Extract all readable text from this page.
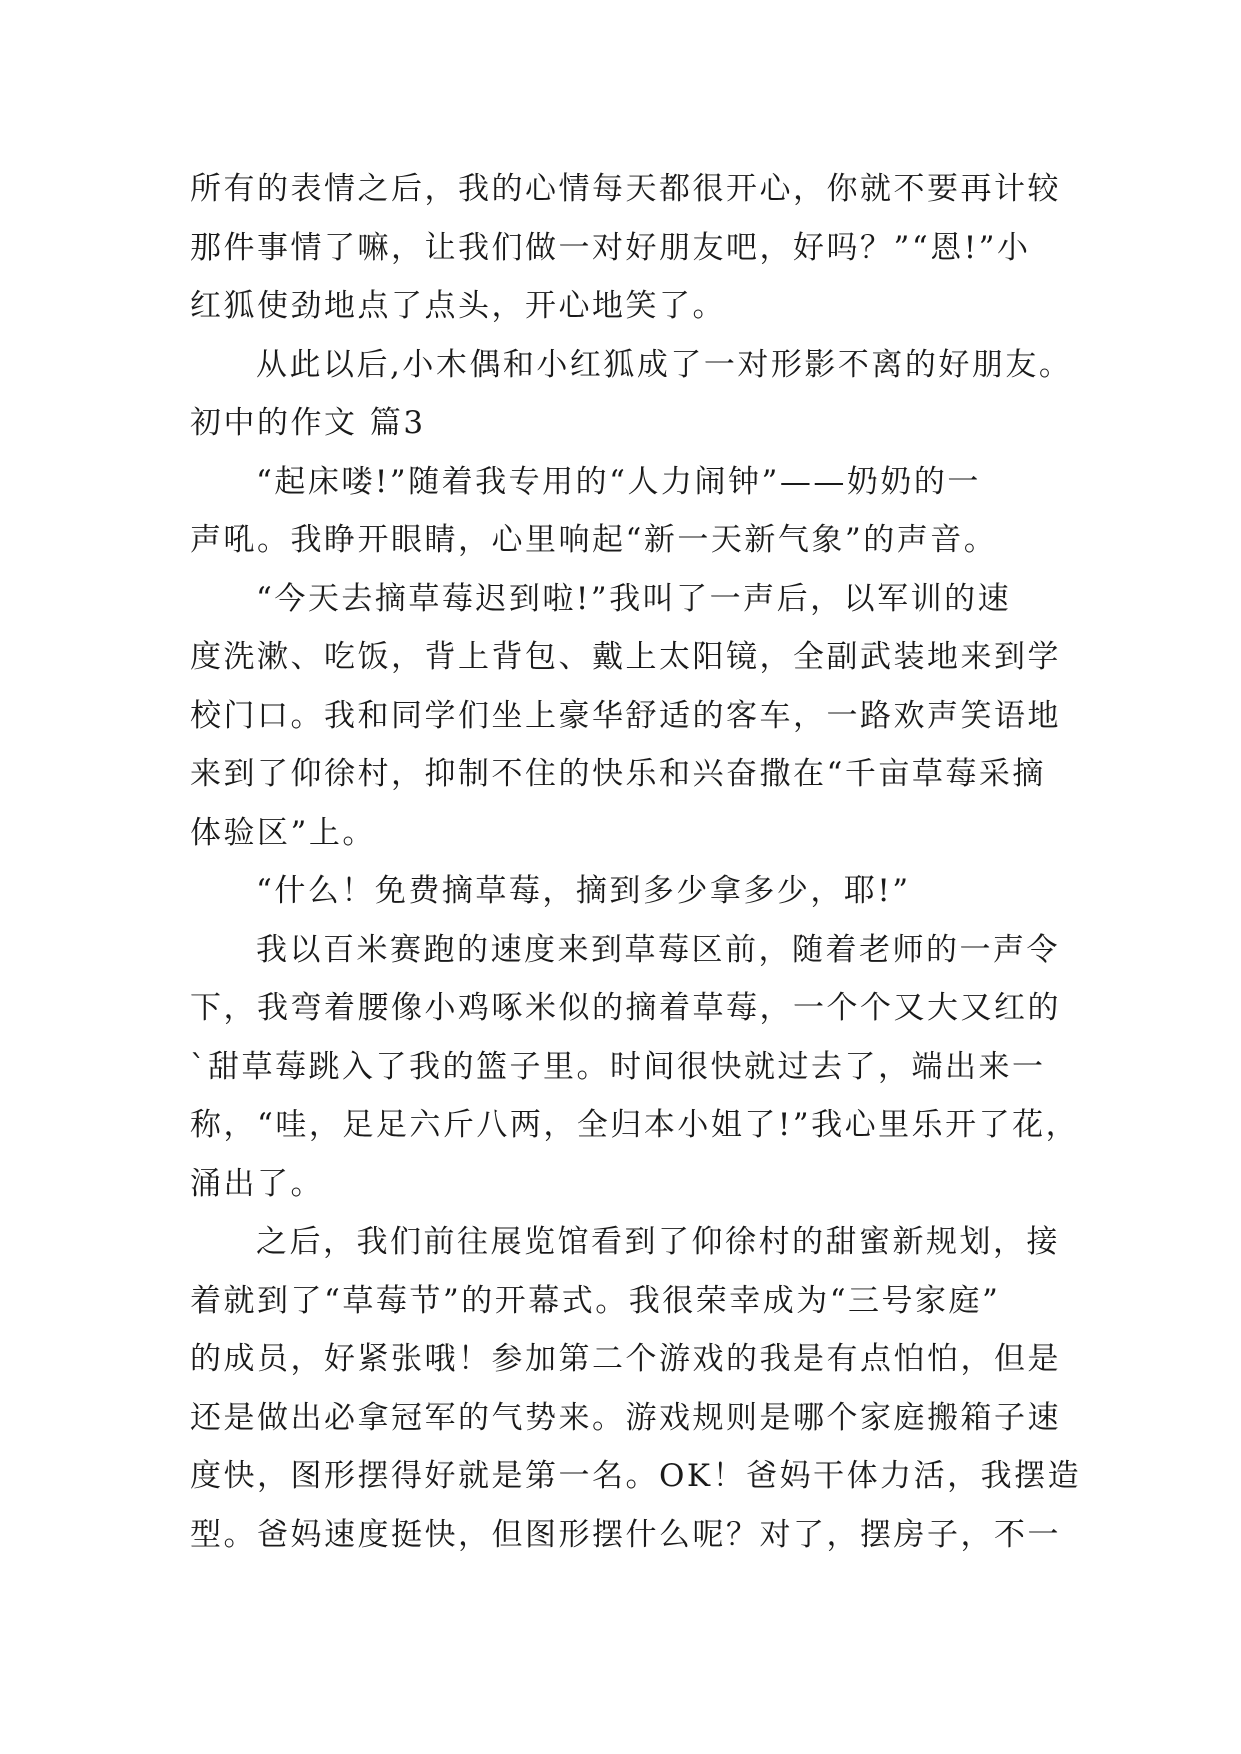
所有的表情之后，我的心情每天都很开心，你就不要再计较
那件事情了嘛，让我们做一对好朋友吧，好吗？”“恩!”小
红狐使劲地点了点头，开心地笑了。

从此以后,小木偶和小红狐成了一对形影不离的好朋友。

初中的作文 篇3

“起床喽!”随着我专用的“人力闹钟”——奶奶的一
声吼。我睁开眼睛，心里响起“新一天新气象”的声音。

“今天去摘草莓迟到啦!”我叫了一声后，以军训的速
度洗漱、吃饭，背上背包、戴上太阳镜，全副武装地来到学
校门口。我和同学们坐上豪华舒适的客车，一路欢声笑语地
来到了仰徐村，抑制不住的快乐和兴奋撒在“千亩草莓采摘
体验区”上。

“什么！免费摘草莓，摘到多少拿多少，耶!”

我以百米赛跑的速度来到草莓区前，随着老师的一声令
下，我弯着腰像小鸡啄米似的摘着草莓，一个个又大又红的
`甜草莓跳入了我的篮子里。时间很快就过去了，端出来一
称，“哇，足足六斤八两，全归本小姐了!”我心里乐开了花，
涌出了。

之后，我们前往展览馆看到了仰徐村的甜蜜新规划，接
着就到了“草莓节”的开幕式。我很荣幸成为“三号家庭”
的成员，好紧张哦！参加第二个游戏的我是有点怕怕，但是
还是做出必拿冠军的气势来。游戏规则是哪个家庭搬箱子速
度快，图形摆得好就是第一名。OK！爸妈干体力活，我摆造
型。爸妈速度挺快，但图形摆什么呢？对了，摆房子，不一
